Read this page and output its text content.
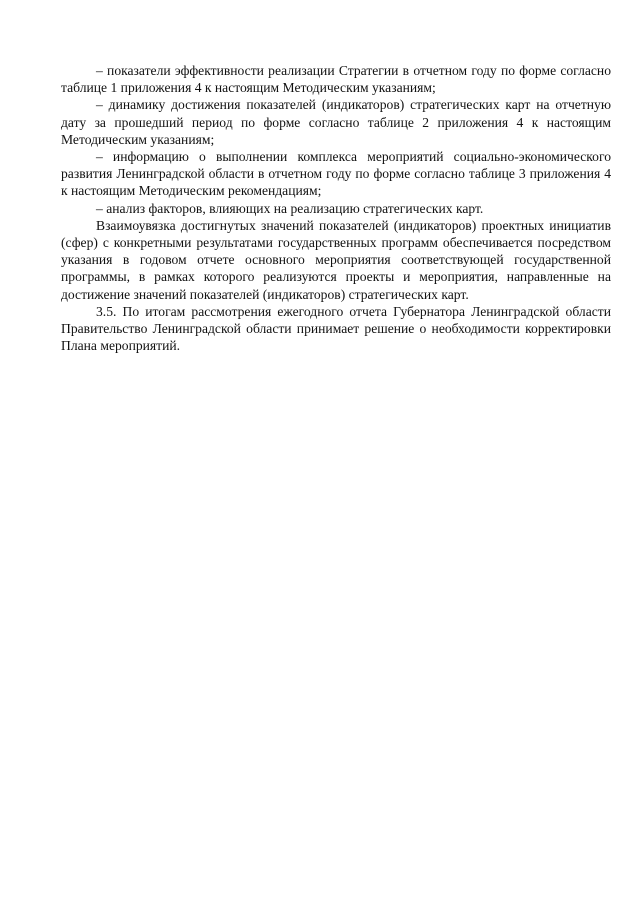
– показатели эффективности реализации Стратегии в отчетном году по форме согласно таблице 1 приложения 4 к настоящим Методическим указаниям;

– динамику достижения показателей (индикаторов) стратегических карт на отчетную дату за прошедший период по форме согласно таблице 2 приложения 4 к настоящим Методическим указаниям;

– информацию о выполнении комплекса мероприятий социально-экономического развития Ленинградской области в отчетном году по форме согласно таблице 3 приложения 4 к настоящим Методическим рекомендациям;

– анализ факторов, влияющих на реализацию стратегических карт.

Взаимоувязка достигнутых значений показателей (индикаторов) проектных инициатив (сфер) с конкретными результатами государственных программ обеспечивается посредством указания в годовом отчете основного мероприятия соответствующей государственной программы, в рамках которого реализуются проекты и мероприятия, направленные на достижение значений показателей (индикаторов) стратегических карт.

3.5. По итогам рассмотрения ежегодного отчета Губернатора Ленинградской области Правительство Ленинградской области принимает решение о необходимости корректировки Плана мероприятий.
